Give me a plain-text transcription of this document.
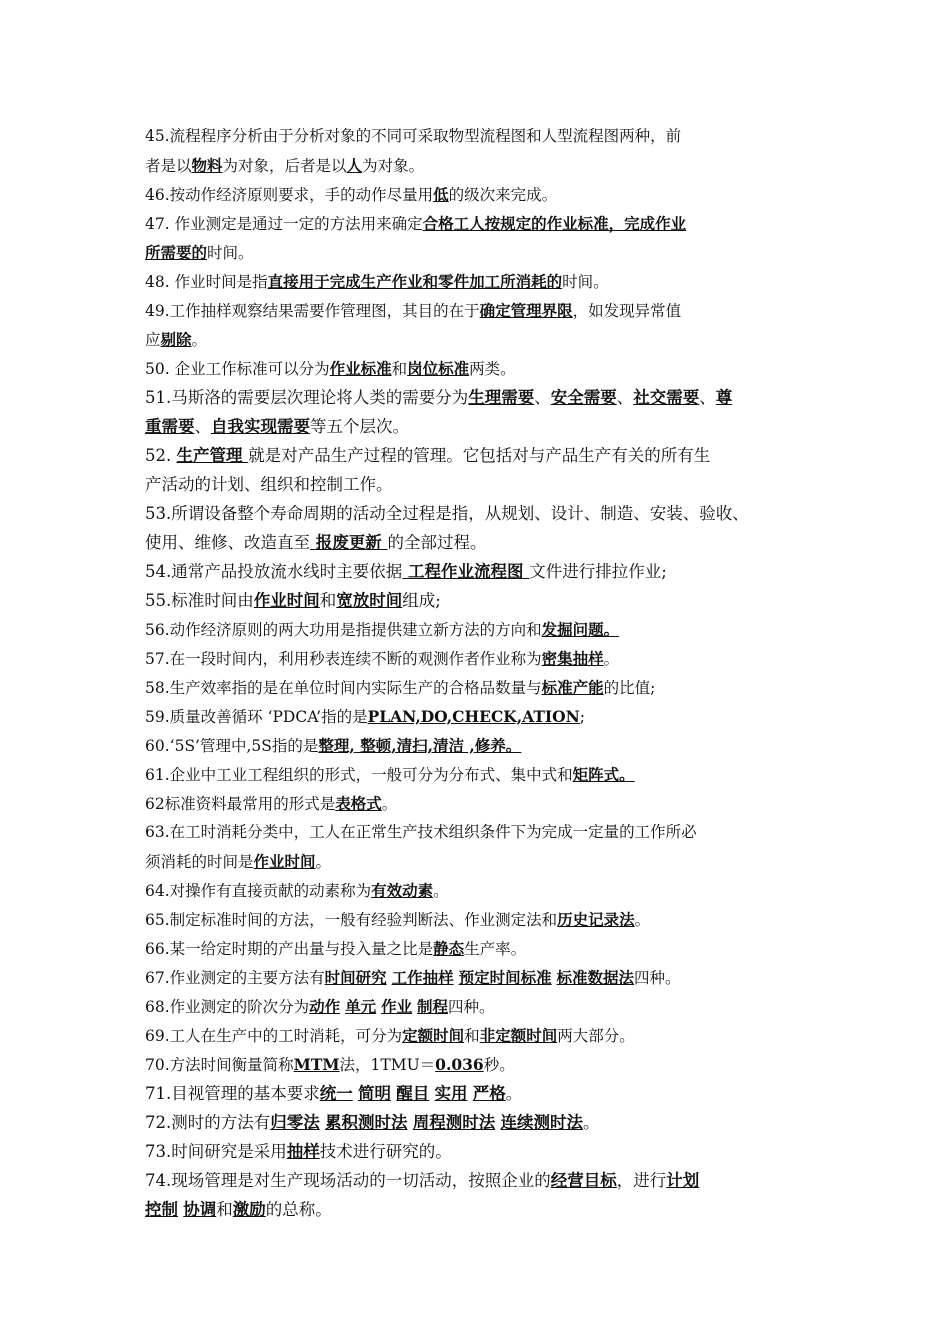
45.流程程序分析由于分析对象的不同可采取物型流程图和人型流程图两种，前
者是以物料为对象，后者是以人为对象。
46.按动作经济原则要求，手的动作尽量用低的级次来完成。
47. 作业测定是通过一定的方法用来确定合格工人按规定的作业标准，完成作业
所需要的时间。
48. 作业时间是指直接用于完成生产作业和零件加工所消耗的时间。
49.工作抽样观察结果需要作管理图，其目的在于确定管理界限，如发现异常值
应剔除。
50. 企业工作标准可以分为作业标准和岗位标准两类。
51.马斯洛的需要层次理论将人类的需要分为生理需要、安全需要、社交需要、尊
重需要、自我实现需要等五个层次。
52. 生产管理 就是对产品生产过程的管理。它包括对与产品生产有关的所有生
产活动的计划、组织和控制工作。
53.所谓设备整个寿命周期的活动全过程是指，从规划、设计、制造、安装、验收、
使用、维修、改造直至 报废更新 的全部过程。
54.通常产品投放流水线时主要依据 工程作业流程图 文件进行排拉作业;
55.标准时间由作业时间和宽放时间组成;
56.动作经济原则的两大功用是指提供建立新方法的方向和发掘问题。
57.在一段时间内，利用秒表连续不断的观测作者作业称为密集抽样。
58.生产效率指的是在单位时间内实际生产的合格品数量与标准产能的比值;
59.质量改善循环 ‘PDCA’指的是PLAN,DO,CHECK,ATION;
60.‘5S’管理中,5S指的是整理, 整顿,清扫,清洁 ,修养。
61.企业中工业工程组织的形式，一般可分为分布式、集中式和矩阵式。
62标准资料最常用的形式是表格式。
63.在工时消耗分类中，工人在正常生产技术组织条件下为完成一定量的工作所必
须消耗的时间是作业时间。
64.对操作有直接贡献的动素称为有效动素。
65.制定标准时间的方法，一般有经验判断法、作业测定法和历史记录法。
66.某一给定时期的产出量与投入量之比是静态生产率。
67.作业测定的主要方法有时间研究 工作抽样 预定时间标准 标准数据法四种。
68.作业测定的阶次分为动作 单元 作业 制程四种。
69.工人在生产中的工时消耗，可分为定额时间和非定额时间两大部分。
70.方法时间衡量简称MTM法，1TMU＝0.036秒。
71.目视管理的基本要求统一 简明 醒目 实用 严格。
72.测时的方法有归零法 累积测时法 周程测时法 连续测时法。
73.时间研究是采用抽样技术进行研究的。
74.现场管理是对生产现场活动的一切活动，按照企业的经营目标，进行计划
控制 协调和激励的总称。
